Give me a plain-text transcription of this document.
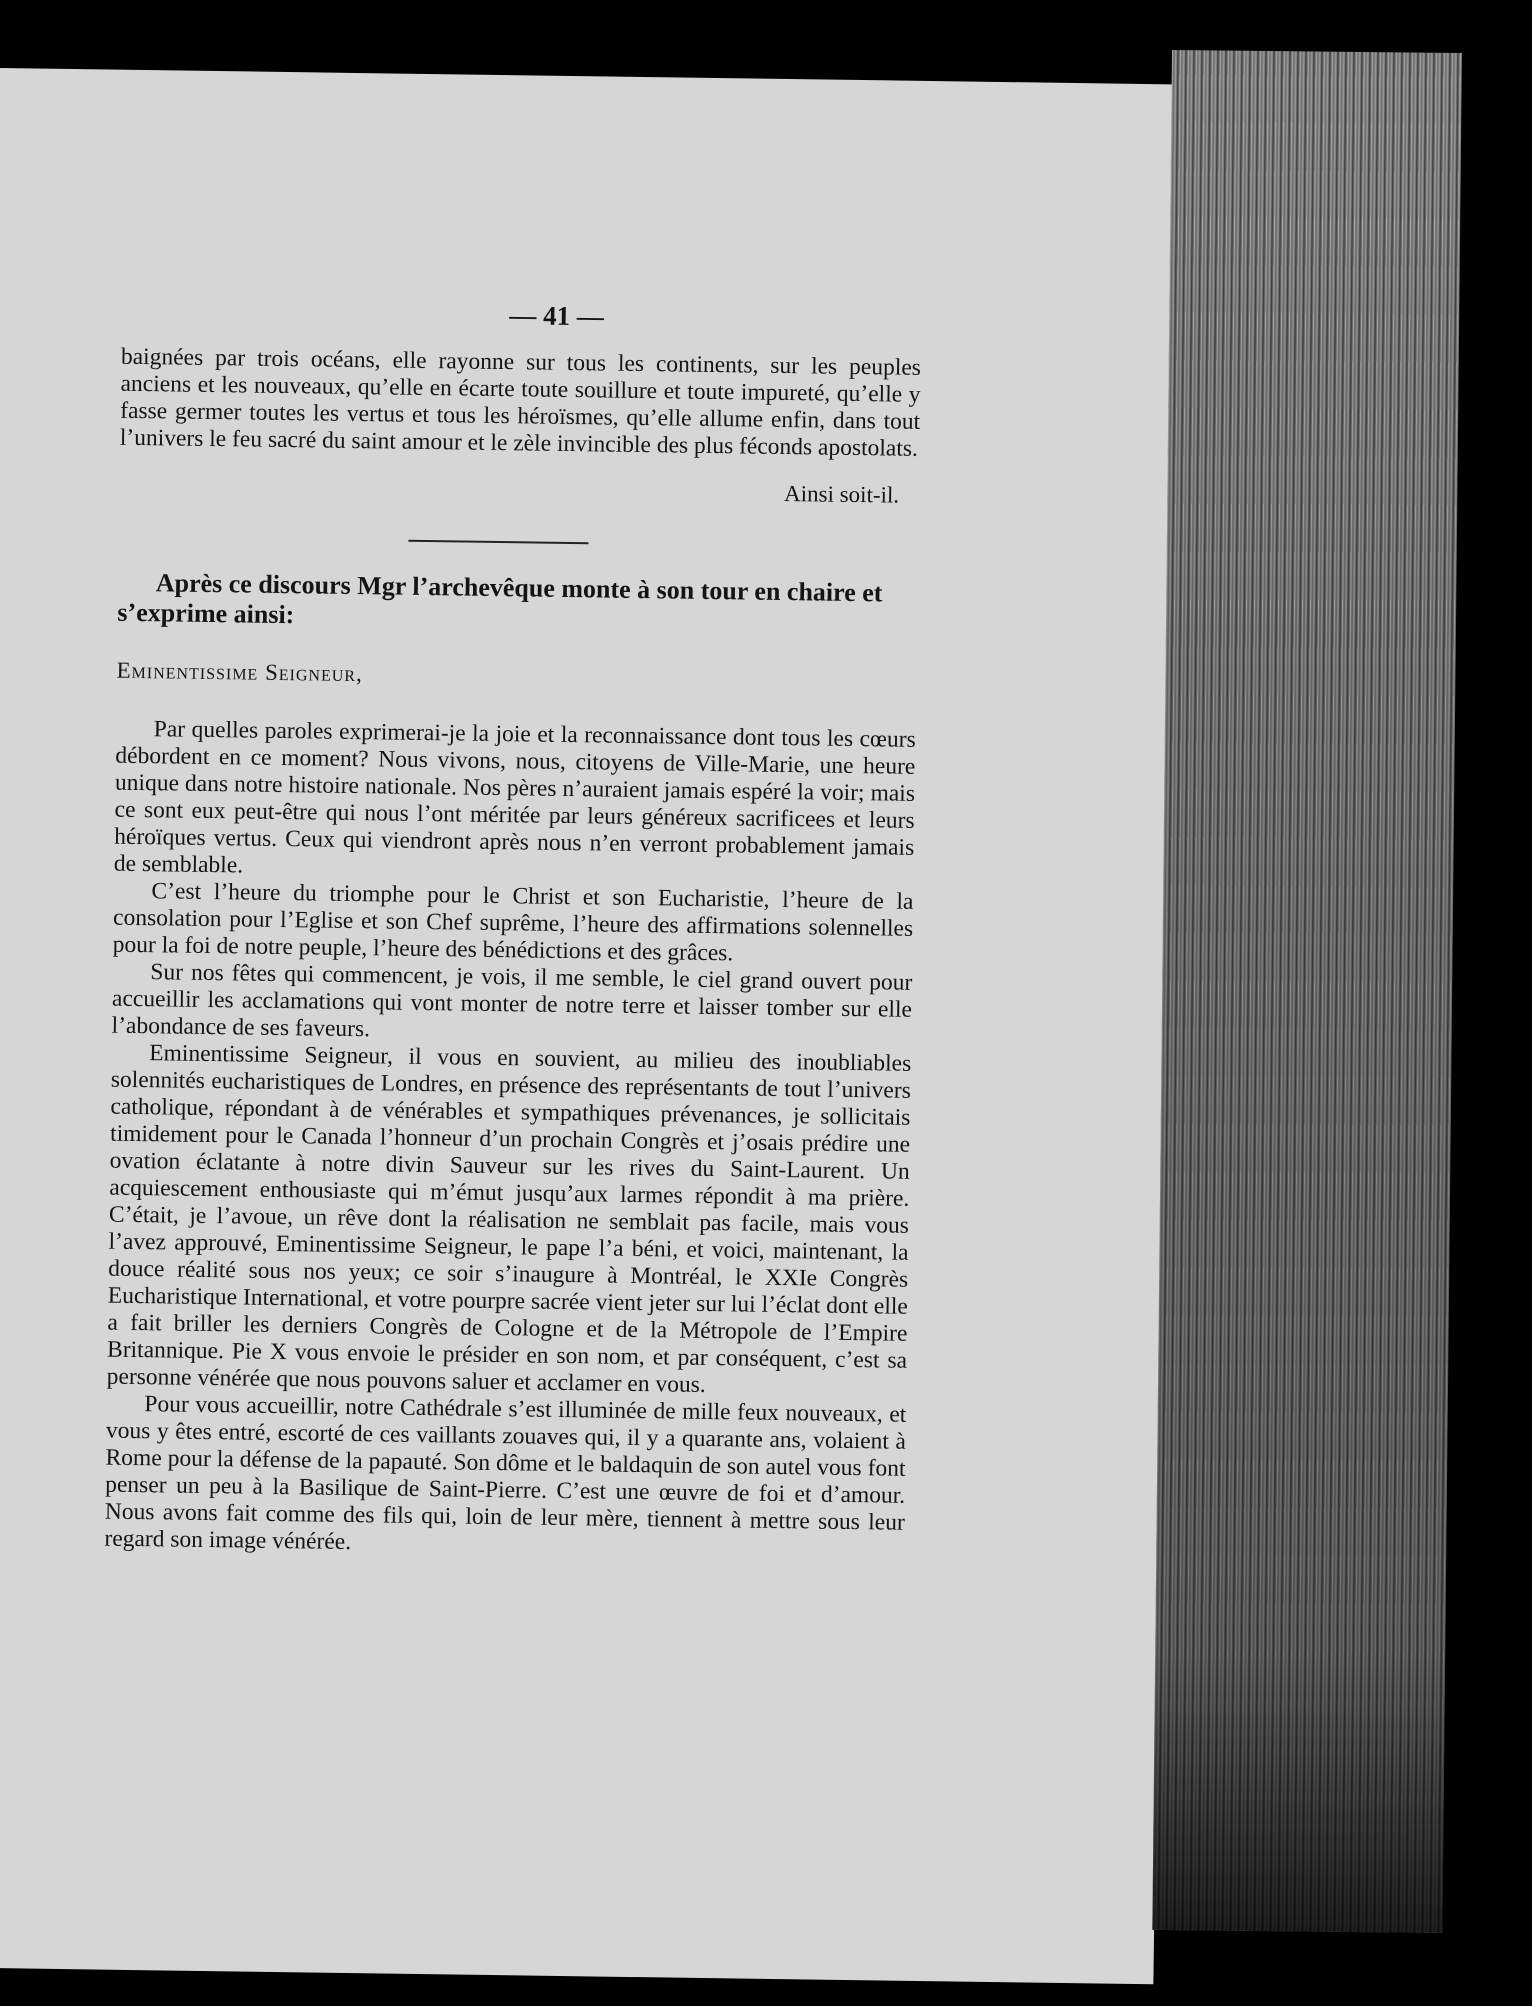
— 41 —

baignées par trois océans, elle rayonne sur tous les continents, sur les peuples anciens et les nouveaux, qu’elle en écarte toute souillure et toute impureté, qu’elle y fasse germer toutes les vertus et tous les héroïsmes, qu’elle allume enfin, dans tout l’univers le feu sacré du saint amour et le zèle invincible des plus féconds apostolats.

Ainsi soit-il.
Après ce discours Mgr l’archevêque monte à son tour en chaire et s’exprime ainsi:
Eminentissime Seigneur,

Par quelles paroles exprimerai-je la joie et la reconnaissance dont tous les cœurs débordent en ce moment? Nous vivons, nous, citoyens de Ville-Marie, une heure unique dans notre histoire nationale. Nos pères n’auraient jamais espéré la voir; mais ce sont eux peut-être qui nous l’ont méritée par leurs généreux sacrificees et leurs héroïques vertus. Ceux qui viendront après nous n’en verront probablement jamais de semblable.

C’est l’heure du triomphe pour le Christ et son Eucharistie, l’heure de la consolation pour l’Eglise et son Chef suprême, l’heure des affirmations solennelles pour la foi de notre peuple, l’heure des bénédictions et des grâces.

Sur nos fêtes qui commencent, je vois, il me semble, le ciel grand ouvert pour accueillir les acclamations qui vont monter de notre terre et laisser tomber sur elle l’abondance de ses faveurs.

Eminentissime Seigneur, il vous en souvient, au milieu des inoubliables solennités eucharistiques de Londres, en présence des représentants de tout l’univers catholique, répondant à de vénérables et sympathiques prévenances, je sollicitais timidement pour le Canada l’honneur d’un prochain Congrès et j’osais prédire une ovation éclatante à notre divin Sauveur sur les rives du Saint-Laurent. Un acquiescement enthousiaste qui m’émut jusqu’aux larmes répondit à ma prière. C’était, je l’avoue, un rêve dont la réalisation ne semblait pas facile, mais vous l’avez approuvé, Eminentissime Seigneur, le pape l’a béni, et voici, maintenant, la douce réalité sous nos yeux; ce soir s’inaugure à Montréal, le XXIe Congrès Eucharistique International, et votre pourpre sacrée vient jeter sur lui l’éclat dont elle a fait briller les derniers Congrès de Cologne et de la Métropole de l’Empire Britannique. Pie X vous envoie le présider en son nom, et par conséquent, c’est sa personne vénérée que nous pouvons saluer et acclamer en vous.

Pour vous accueillir, notre Cathédrale s’est illuminée de mille feux nouveaux, et vous y êtes entré, escorté de ces vaillants zouaves qui, il y a quarante ans, volaient à Rome pour la défense de la papauté. Son dôme et le baldaquin de son autel vous font penser un peu à la Basilique de Saint-Pierre. C’est une œuvre de foi et d’amour. Nous avons fait comme des fils qui, loin de leur mère, tiennent à mettre sous leur regard son image vénérée.
